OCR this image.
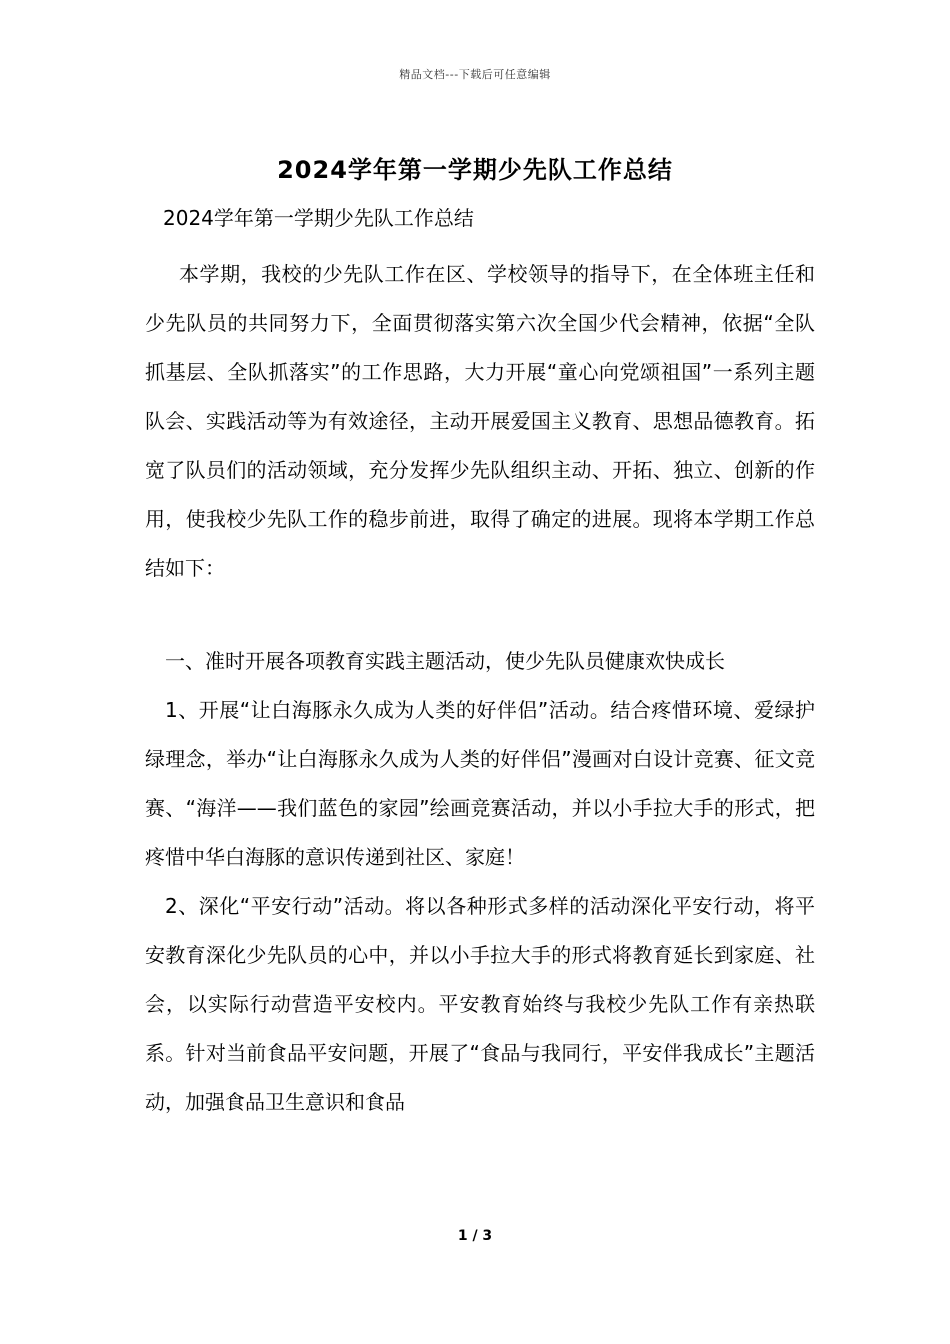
精品文档---下载后可任意编辑
2024学年第一学期少先队工作总结

2024学年第一学期少先队工作总结

本学期，我校的少先队工作在区、学校领导的指导下，在全体班主任和少先队员的共同努力下，全面贯彻落实第六次全国少代会精神，依据“全队抓基层、全队抓落实”的工作思路，大力开展“童心向党颂祖国”一系列主题队会、实践活动等为有效途径，主动开展爱国主义教育、思想品德教育。拓宽了队员们的活动领域，充分发挥少先队组织主动、开拓、独立、创新的作用，使我校少先队工作的稳步前进，取得了确定的进展。现将本学期工作总结如下：

一、准时开展各项教育实践主题活动，使少先队员健康欢快成长

1、开展“让白海豚永久成为人类的好伴侣”活动。结合疼惜环境、爱绿护绿理念，举办“让白海豚永久成为人类的好伴侣”漫画对白设计竞赛、征文竞赛、“海洋——我们蓝色的家园”绘画竞赛活动，并以小手拉大手的形式，把疼惜中华白海豚的意识传递到社区、家庭！

2、深化“平安行动”活动。将以各种形式多样的活动深化平安行动，将平安教育深化少先队员的心中，并以小手拉大手的形式将教育延长到家庭、社会，以实际行动营造平安校内。平安教育始终与我校少先队工作有亲热联系。针对当前食品平安问题，开展了“食品与我同行，平安伴我成长”主题活动，加强食品卫生意识和食品

1 / 3
